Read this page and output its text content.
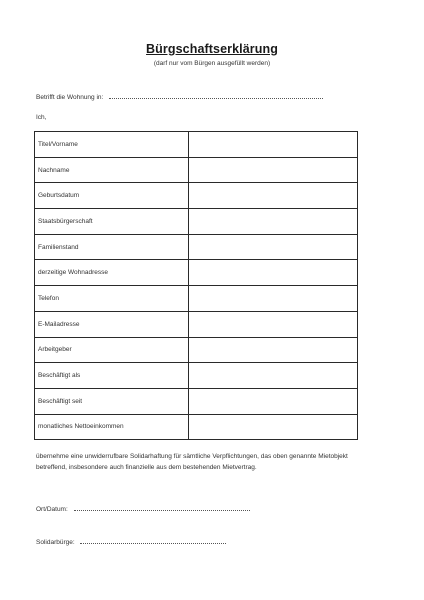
Bürgschaftserklärung
(darf nur vom Bürgen ausgefüllt werden)
Betrifft die Wohnung in:
Ich,
Titel/Vorname	
Nachname	
Geburtsdatum	
Staatsbürgerschaft	
Familienstand	
derzeitige Wohnadresse	
Telefon	
E-Mailadresse	
Arbeitgeber	
Beschäftigt als	
Beschäftigt seit	
monatliches Nettoeinkommen	
übernehme eine unwiderrufbare Solidarhaftung für sämtliche Verpflichtungen, das oben genannte Mietobjekt betreffend, insbesondere auch finanzielle aus dem bestehenden Mietvertrag.
Ort/Datum:
Solidarbürge:
